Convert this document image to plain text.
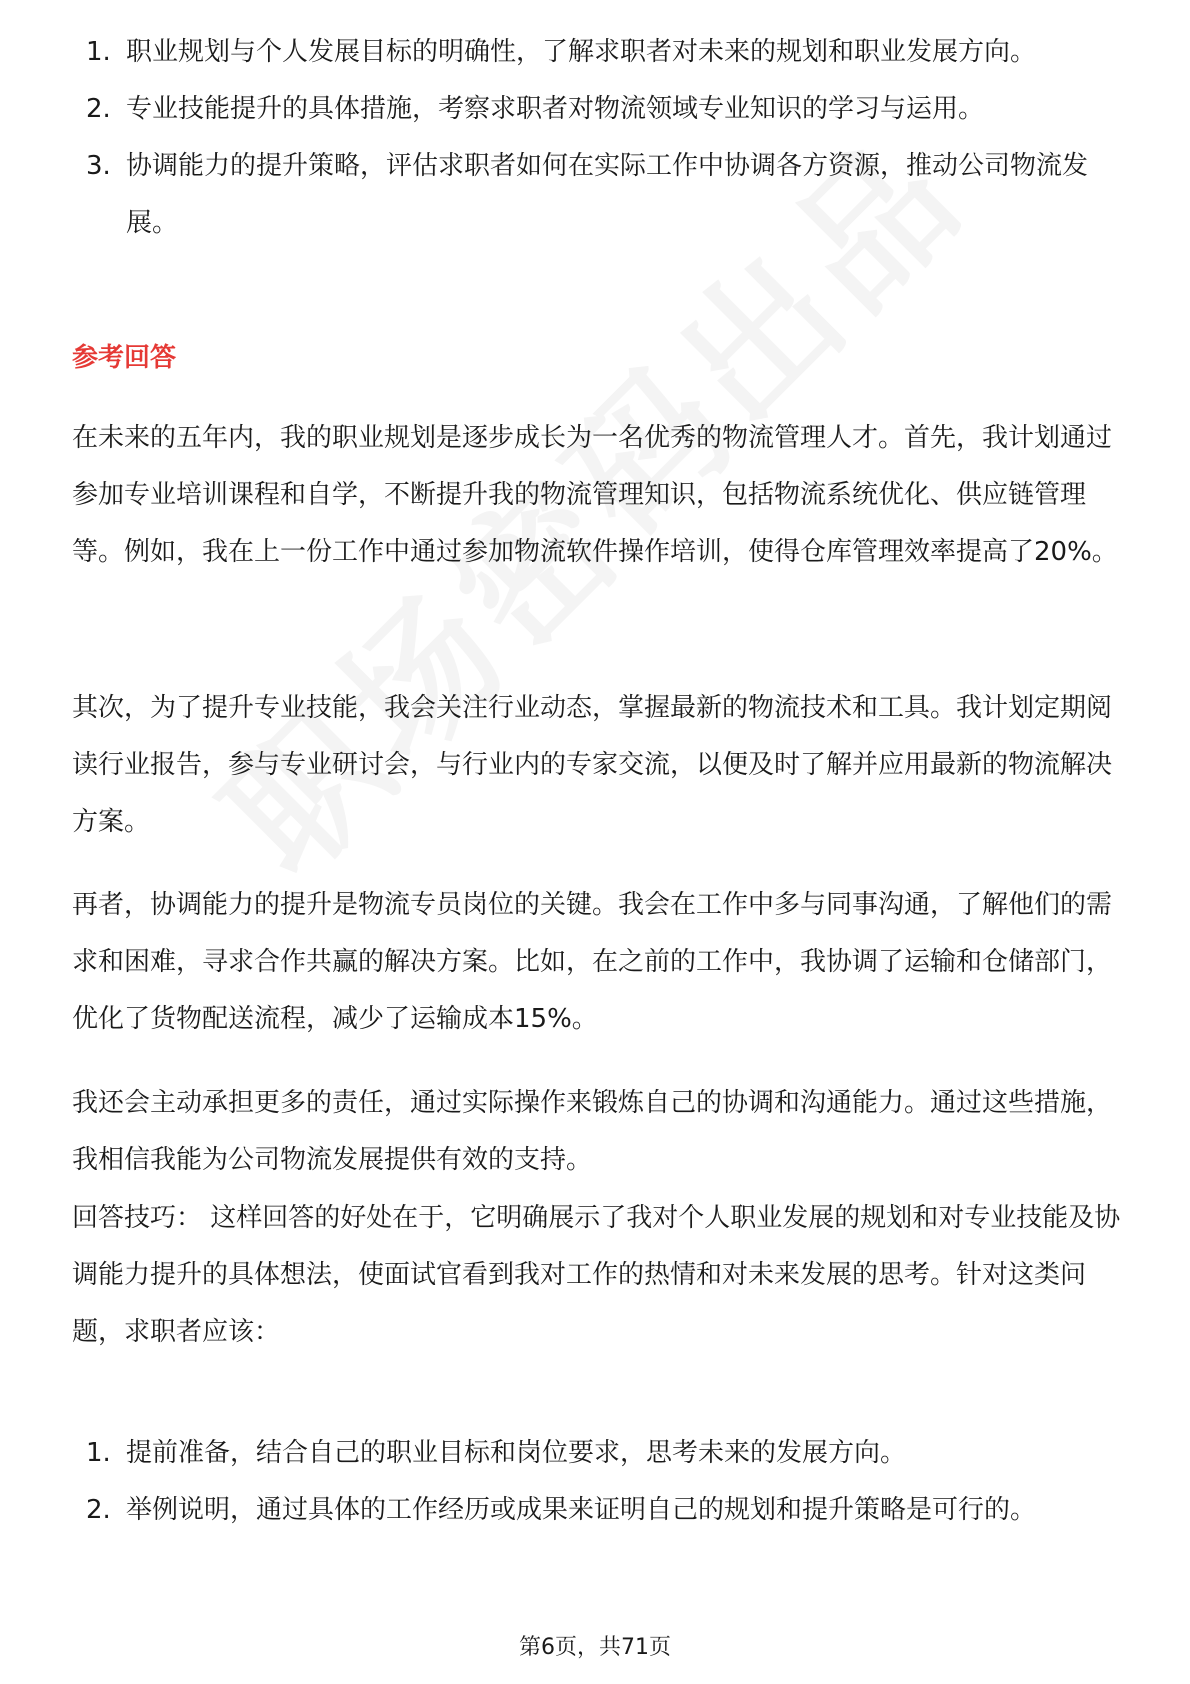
1. 职业规划与个人发展目标的明确性，了解求职者对未来的规划和职业发展方向。
2. 专业技能提升的具体措施，考察求职者对物流领域专业知识的学习与运用。
3. 协调能力的提升策略，评估求职者如何在实际工作中协调各方资源，推动公司物流发展。
参考回答

在未来的五年内，我的职业规划是逐步成长为一名优秀的物流管理人才。首先，我计划通过参加专业培训课程和自学，不断提升我的物流管理知识，包括物流系统优化、供应链管理等。例如，我在上一份工作中通过参加物流软件操作培训，使得仓库管理效率提高了20%。

其次，为了提升专业技能，我会关注行业动态，掌握最新的物流技术和工具。我计划定期阅读行业报告，参与专业研讨会，与行业内的专家交流，以便及时了解并应用最新的物流解决方案。

再者，协调能力的提升是物流专员岗位的关键。我会在工作中多与同事沟通，了解他们的需求和困难，寻求合作共赢的解决方案。比如，在之前的工作中，我协调了运输和仓储部门，优化了货物配送流程，减少了运输成本15%。

我还会主动承担更多的责任，通过实际操作来锻炼自己的协调和沟通能力。通过这些措施，我相信我能为公司物流发展提供有效的支持。

回答技巧： 这样回答的好处在于，它明确展示了我对个人职业发展的规划和对专业技能及协调能力提升的具体想法，使面试官看到我对工作的热情和对未来发展的思考。针对这类问题，求职者应该：

1. 提前准备，结合自己的职业目标和岗位要求，思考未来的发展方向。
2. 举例说明，通过具体的工作经历或成果来证明自己的规划和提升策略是可行的。
第6页，共71页
